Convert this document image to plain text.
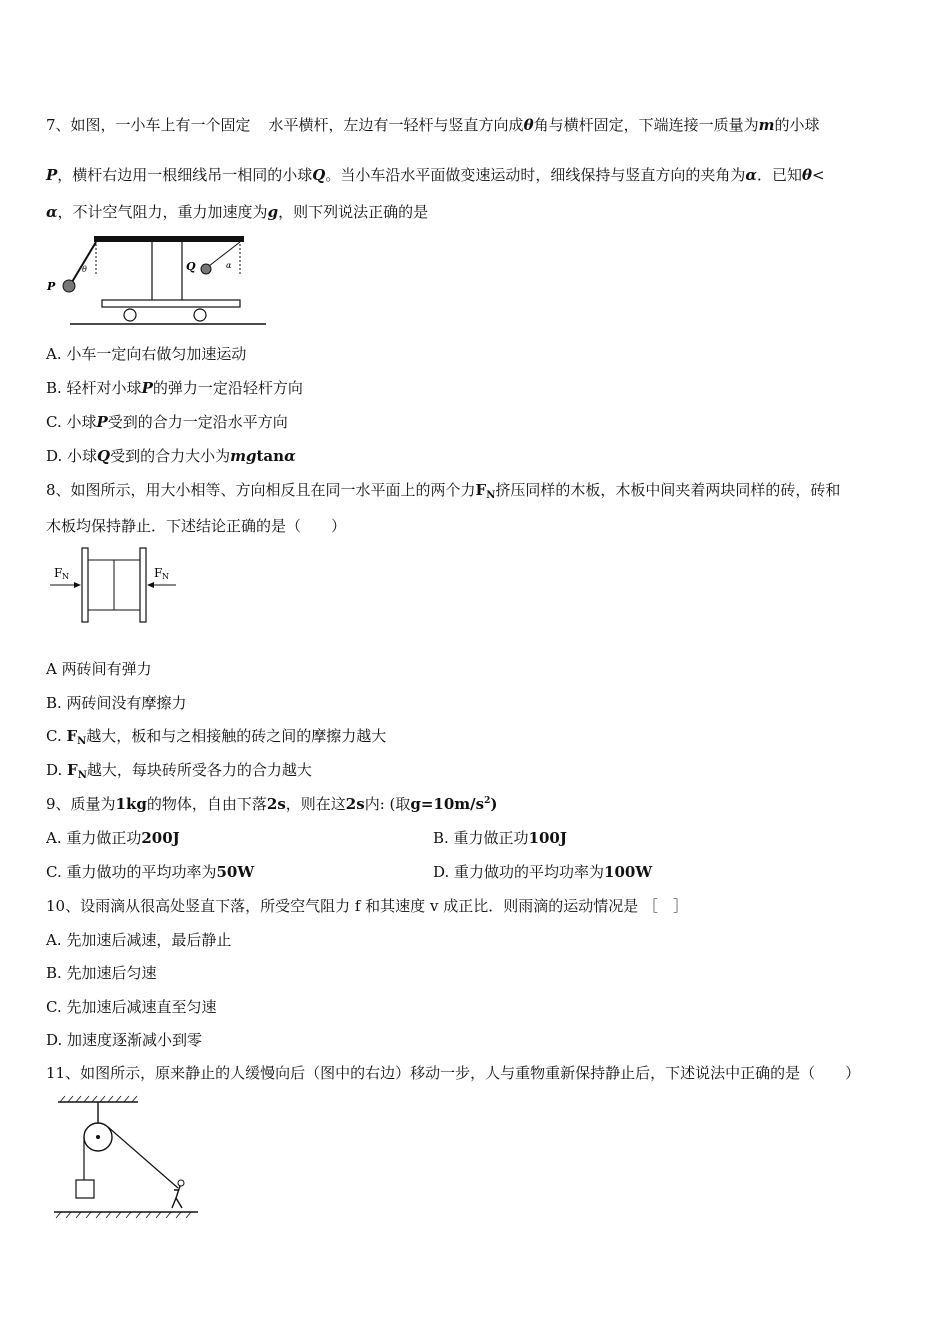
7、如图，一小车上有一个固定 水平横杆，左边有一轻杆与竖直方向成θ角与横杆固定，下端连接一质量为m的小球
P，横杆右边用一根细线吊一相同的小球Q。当小车沿水平面做变速运动时，细线保持与竖直方向的夹角为α．已知θ<
α，不计空气阻力，重力加速度为g，则下列说法正确的是
θ
P
α
Q
A. 小车一定向右做匀加速运动
B. 轻杆对小球P的弹力一定沿轻杆方向
C. 小球P受到的合力一定沿水平方向
D. 小球Q受到的合力大小为mgtanα
8、如图所示，用大小相等、方向相反且在同一水平面上的两个力$F_N$挤压同样的木板，木板中间夹着两块同样的砖，砖和
木板均保持静止．下述结论正确的是（　　）
F N	F N
A 两砖间有弹力
B. 两砖间没有摩擦力
C. $F_N$越大，板和与之相接触的砖之间的摩擦力越大
D. $F_N$越大，每块砖所受各力的合力越大
9、质量为1kg的物体，自由下落2s，则在这2s内: (取$g=10m/s^2$)
A. 重力做正功200J	B. 重力做正功100J
C. 重力做功的平均功率为50W	D. 重力做功的平均功率为100W
10、设雨滴从很高处竖直下落，所受空气阻力 f 和其速度 v 成正比．则雨滴的运动情况是 ［　］
A. 先加速后减速，最后静止
B. 先加速后匀速
C. 先加速后减速直至匀速
D. 加速度逐渐减小到零
11、如图所示，原来静止的人缓慢向后（图中的右边）移动一步，人与重物重新保持静止后，下述说法中正确的是（　　）
